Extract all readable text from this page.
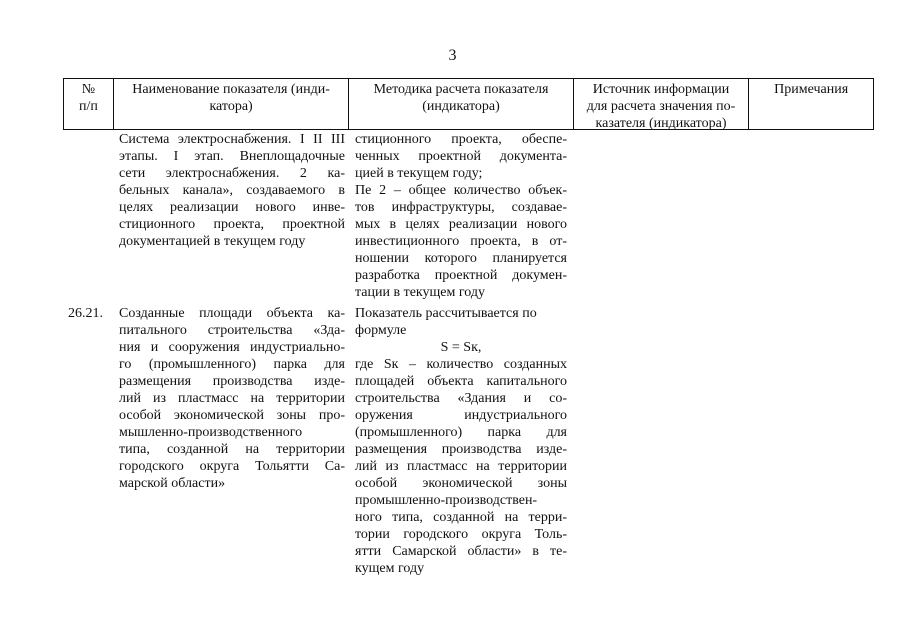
3
№
п/п
Наименование показателя (инди-
катора)
Методика расчета показателя
(индикатора)
Источник информации
для расчета значения по-
казателя (индикатора)
Примечания
Система электроснабжения. I II III
этапы. I этап. Внеплощадочные
сети электроснабжения. 2 ка-
бельных канала», создаваемого в
целях реализации нового инве-
стиционного проекта, проектной
документацией в текущем году
стиционного проекта, обеспе-
ченных проектной документа-
цией в текущем году;
Пе 2 – общее количество объек-
тов инфраструктуры, создавае-
мых в целях реализации нового
инвестиционного проекта, в от-
ношении которого планируется
разработка проектной докумен-
тации в текущем году
26.21.	Созданные площади объекта ка-
питального строительства «Зда-
ния и сооружения индустриально-
го (промышленного) парка для
размещения производства изде-
лий из пластмасс на территории
особой экономической зоны про-
мышленно-производственного
типа, созданной на территории
городского округа Тольятти Са-
марской области»
Показатель рассчитывается по
формуле
S = Sк,
где Sк – количество созданных
площадей объекта капитального
строительства «Здания и со-
оружения индустриального
(промышленного) парка для
размещения производства изде-
лий из пластмасс на территории
особой экономической зоны
промышленно-производствен-
ного типа, созданной на терри-
тории городского округа Толь-
ятти Самарской области» в те-
кущем году
